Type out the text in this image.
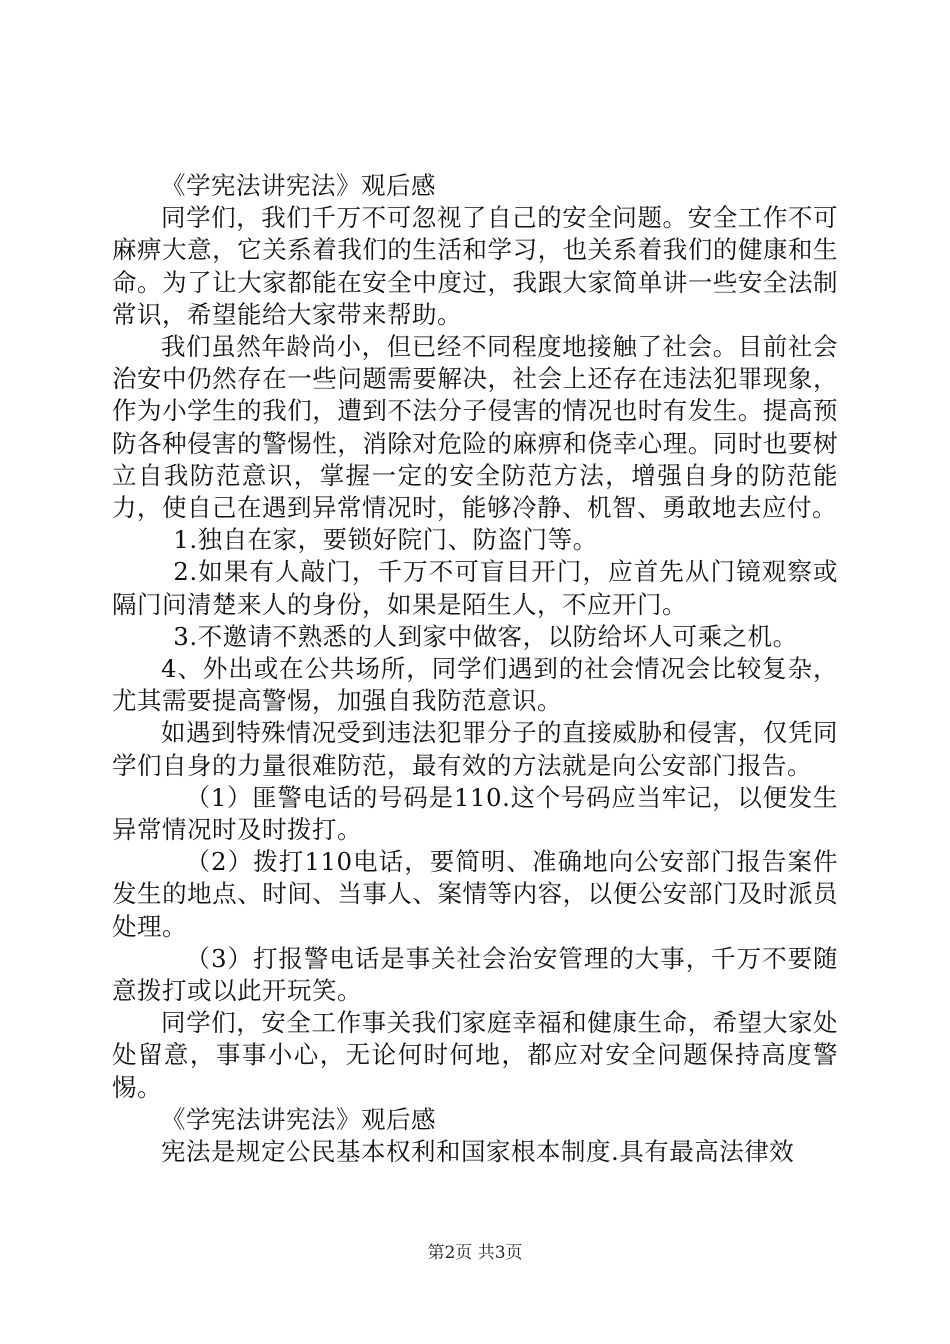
《学宪法讲宪法》观后感

同学们，我们千万不可忽视了自己的安全问题。安全工作不可麻痹大意，它关系着我们的生活和学习，也关系着我们的健康和生命。为了让大家都能在安全中度过，我跟大家简单讲一些安全法制常识，希望能给大家带来帮助。

我们虽然年龄尚小，但已经不同程度地接触了社会。目前社会治安中仍然存在一些问题需要解决，社会上还存在违法犯罪现象，作为小学生的我们，遭到不法分子侵害的情况也时有发生。提高预防各种侵害的警惕性，消除对危险的麻痹和侥幸心理。同时也要树立自我防范意识，掌握一定的安全防范方法，增强自身的防范能力，使自己在遇到异常情况时，能够冷静、机智、勇敢地去应付。

1.独自在家，要锁好院门、防盗门等。

2.如果有人敲门，千万不可盲目开门，应首先从门镜观察或隔门问清楚来人的身份，如果是陌生人，不应开门。

3.不邀请不熟悉的人到家中做客，以防给坏人可乘之机。

4、外出或在公共场所，同学们遇到的社会情况会比较复杂，尤其需要提高警惕，加强自我防范意识。

如遇到特殊情况受到违法犯罪分子的直接威胁和侵害，仅凭同学们自身的力量很难防范，最有效的方法就是向公安部门报告。

（1）匪警电话的号码是110.这个号码应当牢记，以便发生异常情况时及时拨打。

（2）拨打110电话，要简明、准确地向公安部门报告案件发生的地点、时间、当事人、案情等内容，以便公安部门及时派员处理。

（3）打报警电话是事关社会治安管理的大事，千万不要随意拨打或以此开玩笑。

同学们，安全工作事关我们家庭幸福和健康生命，希望大家处处留意，事事小心，无论何时何地，都应对安全问题保持高度警惕。

《学宪法讲宪法》观后感

宪法是规定公民基本权利和国家根本制度.具有最高法律效

第2页 共3页
